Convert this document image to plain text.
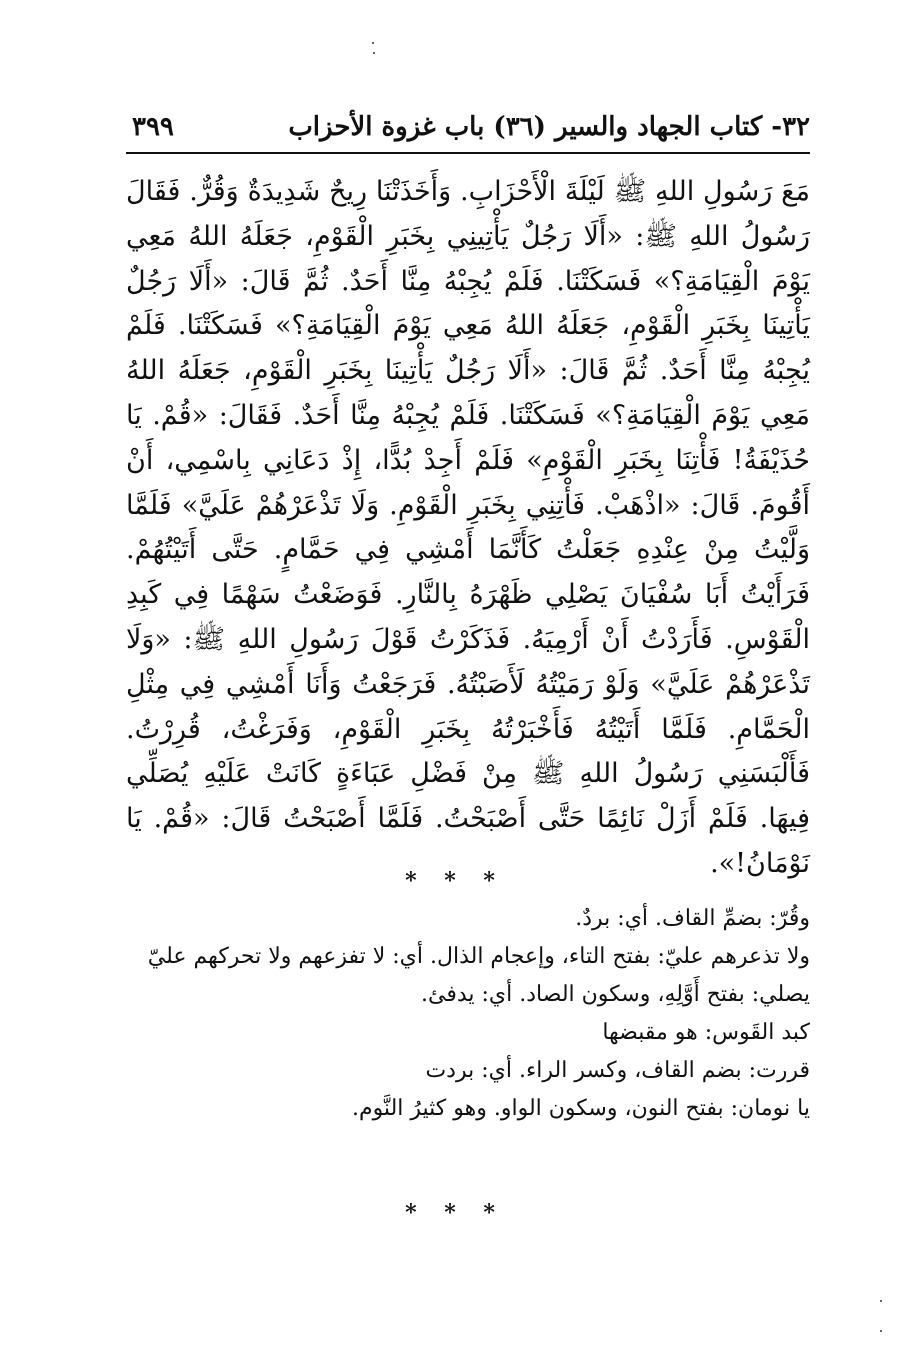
٣٢- كتاب الجهاد والسير (٣٦) باب غزوة الأحزاب
٣٩٩
مَعَ رَسُولِ اللهِ ﷺ لَيْلَةَ الْأَحْزَابِ. وَأَخَذَتْنَا رِيحٌ شَدِيدَةٌ وَقُرٌّ. فَقَالَ رَسُولُ اللهِ ﷺ: «أَلَا رَجُلٌ يَأْتِينِي بِخَبَرِ الْقَوْمِ، جَعَلَهُ اللهُ مَعِي يَوْمَ الْقِيَامَةِ؟» فَسَكَتْنَا. فَلَمْ يُجِبْهُ مِنَّا أَحَدٌ. ثُمَّ قَالَ: «أَلَا رَجُلٌ يَأْتِينَا بِخَبَرِ الْقَوْمِ، جَعَلَهُ اللهُ مَعِي يَوْمَ الْقِيَامَةِ؟» فَسَكَتْنَا. فَلَمْ يُجِبْهُ مِنَّا أَحَدٌ. ثُمَّ قَالَ: «أَلَا رَجُلٌ يَأْتِينَا بِخَبَرِ الْقَوْمِ، جَعَلَهُ اللهُ مَعِي يَوْمَ الْقِيَامَةِ؟» فَسَكَتْنَا. فَلَمْ يُجِبْهُ مِنَّا أَحَدٌ. فَقَالَ: «قُمْ. يَا حُذَيْفَةُ! فَأْتِنَا بِخَبَرِ الْقَوْمِ» فَلَمْ أَجِدْ بُدًّا، إِذْ دَعَانِي بِاسْمِي، أَنْ أَقُومَ. قَالَ: «اذْهَبْ. فَأْتِنِي بِخَبَرِ الْقَوْمِ. وَلَا تَذْعَرْهُمْ عَلَيَّ» فَلَمَّا وَلَّيْتُ مِنْ عِنْدِهِ جَعَلْتُ كَأَنَّمَا أَمْشِي فِي حَمَّامٍ. حَتَّى أَتَيْتُهُمْ. فَرَأَيْتُ أَبَا سُفْيَانَ يَصْلِي ظَهْرَهُ بِالنَّارِ. فَوَضَعْتُ سَهْمًا فِي كَبِدِ الْقَوْسِ. فَأَرَدْتُ أَنْ أَرْمِيَهُ. فَذَكَرْتُ قَوْلَ رَسُولِ اللهِ ﷺ: «وَلَا تَذْعَرْهُمْ عَلَيَّ» وَلَوْ رَمَيْتُهُ لَأَصَبْتُهُ. فَرَجَعْتُ وَأَنَا أَمْشِي فِي مِثْلِ الْحَمَّامِ. فَلَمَّا أَتَيْتُهُ فَأَخْبَرْتُهُ بِخَبَرِ الْقَوْمِ، وَفَرَغْتُ، قُرِرْتُ. فَأَلْبَسَنِي رَسُولُ اللهِ ﷺ مِنْ فَضْلِ عَبَاءَةٍ كَانَتْ عَلَيْهِ يُصَلِّي فِيهَا. فَلَمْ أَزَلْ نَائِمًا حَتَّى أَصْبَحْتُ. فَلَمَّا أَصْبَحْتُ قَالَ: «قُمْ. يَا نَوْمَانُ!».
* * *

وقُرّ: بضمِّ القاف. أي: بردٌ.

ولا تذعرهم عليّ: بفتح التاء، وإعجام الذال. أي: لا تفزعهم ولا تحركهم عليّ

يصلي: بفتح أَوَّلِهِ، وسكون الصاد. أي: يدفئ.

كبد القَوس: هو مقبضها

قررت: بضم القاف، وكسر الراء. أي: بردت

يا نومان: بفتح النون، وسكون الواو. وهو كثيرُ النَّوم.

* * *
